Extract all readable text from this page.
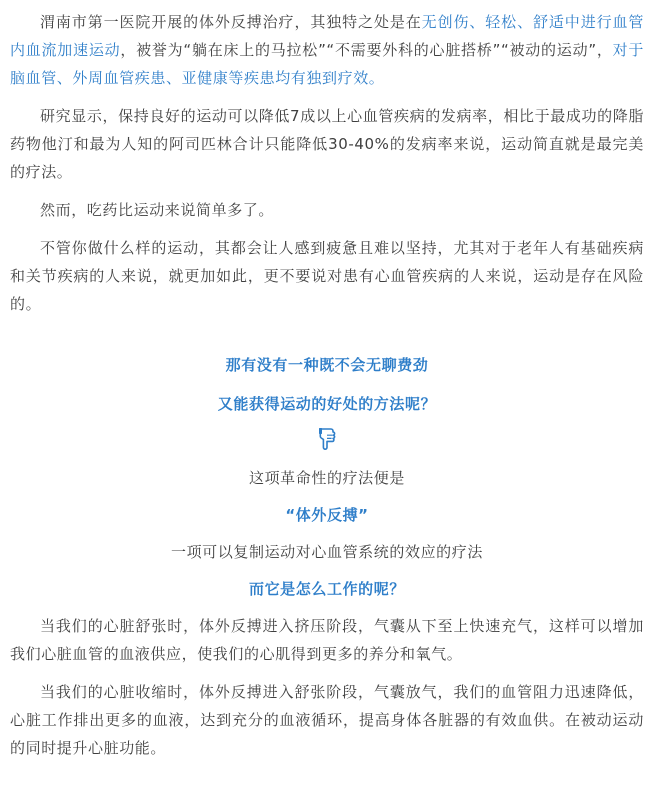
渭南市第一医院开展的体外反搏治疗，其独特之处是在无创伤、轻松、舒适中进行血管内血流加速运动，被誉为“躺在床上的马拉松”“不需要外科的心脏搭桥”“被动的运动”，对于脑血管、外周血管疾患、亚健康等疾患均有独到疗效。

研究显示，保持良好的运动可以降低7成以上心血管疾病的发病率，相比于最成功的降脂药物他汀和最为人知的阿司匹林合计只能降低30-40%的发病率来说，运动简直就是最完美的疗法。

然而，吃药比运动来说简单多了。

不管你做什么样的运动，其都会让人感到疲惫且难以坚持，尤其对于老年人有基础疾病和关节疾病的人来说，就更加如此，更不要说对患有心血管疾病的人来说，运动是存在风险的。

那有没有一种既不会无聊费劲

又能获得运动的好处的方法呢？

这项革命性的疗法便是

“体外反搏”

一项可以复制运动对心血管系统的效应的疗法

而它是怎么工作的呢？

当我们的心脏舒张时，体外反搏进入挤压阶段，气囊从下至上快速充气，这样可以增加我们心脏血管的血液供应，使我们的心肌得到更多的养分和氧气。

当我们的心脏收缩时，体外反搏进入舒张阶段，气囊放气，我们的血管阻力迅速降低，心脏工作排出更多的血液，达到充分的血液循环，提高身体各脏器的有效血供。在被动运动的同时提升心脏功能。
